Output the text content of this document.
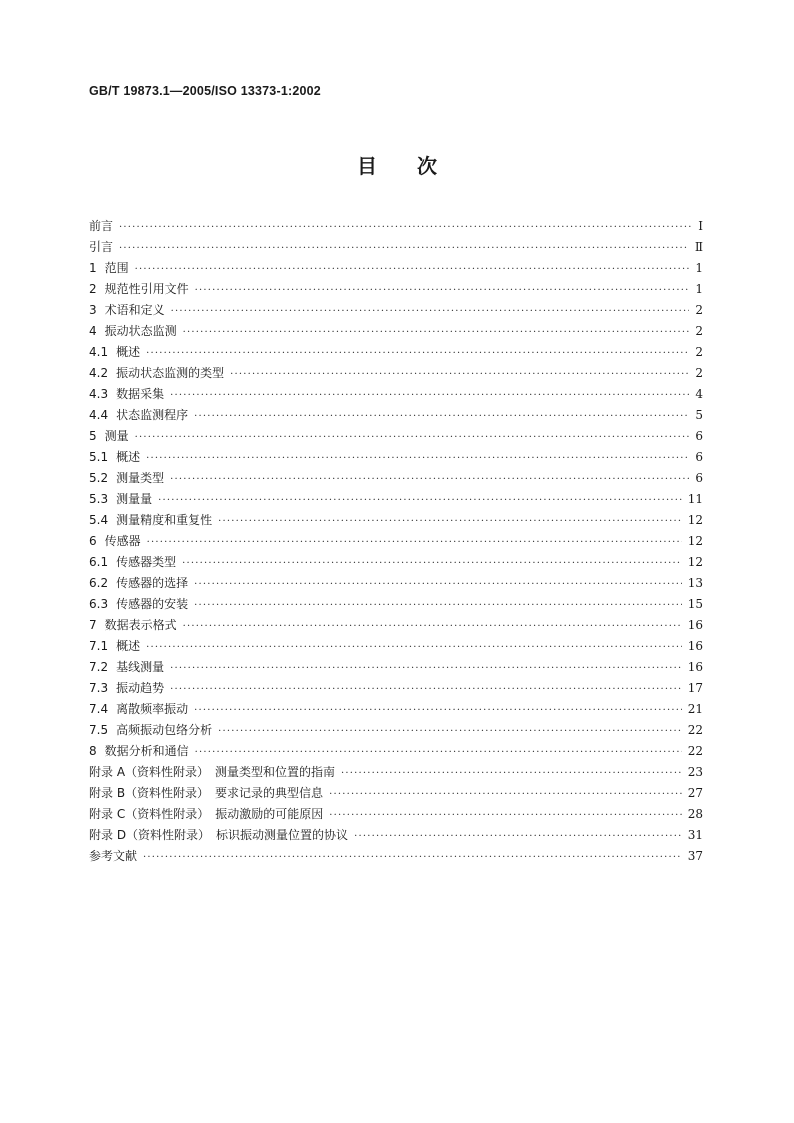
GB/T 19873.1—2005/ISO 13373-1:2002
目 次
前言 ·····	Ⅰ
引言 ·····	Ⅱ
1 范围 ·····	1
2 规范性引用文件 ·····	1
3 术语和定义 ·····	2
4 振动状态监测 ·····	2
4.1 概述 ·····	2
4.2 振动状态监测的类型 ·····	2
4.3 数据采集 ·····	4
4.4 状态监测程序 ·····	5
5 测量 ·····	6
5.1 概述 ·····	6
5.2 测量类型 ·····	6
5.3 测量量 ·····	11
5.4 测量精度和重复性 ·····	12
6 传感器 ·····	12
6.1 传感器类型 ·····	12
6.2 传感器的选择 ·····	13
6.3 传感器的安装 ·····	15
7 数据表示格式 ·····	16
7.1 概述 ·····	16
7.2 基线测量 ·····	16
7.3 振动趋势 ·····	17
7.4 离散频率振动 ·····	21
7.5 高频振动包络分析 ·····	22
8 数据分析和通信 ·····	22
附录 A（资料性附录）　测量类型和位置的指南 ·····	23
附录 B（资料性附录）　要求记录的典型信息 ·····	27
附录 C（资料性附录）　振动激励的可能原因 ·····	28
附录 D（资料性附录）　标识振动测量位置的协议 ·····	31
参考文献 ·····	37
